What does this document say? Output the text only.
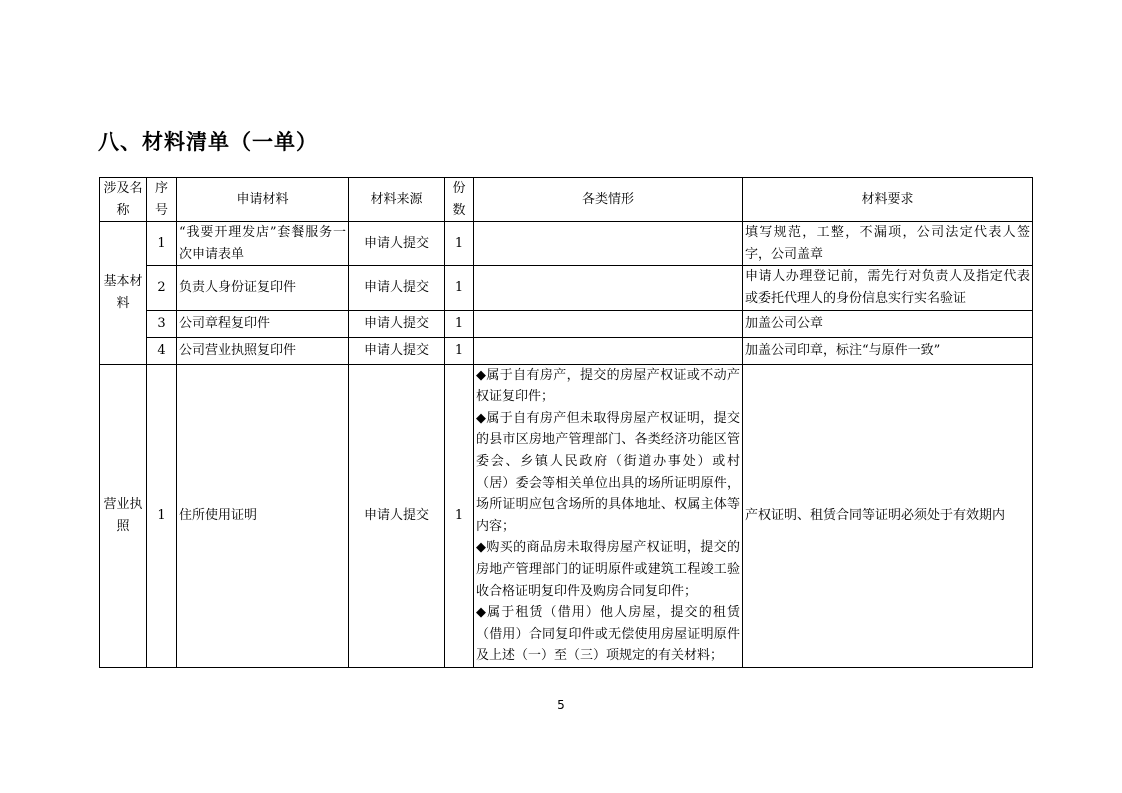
八、材料清单（一单）
涉及名称	序号	申请材料	材料来源	份数	各类情形	材料要求
基本材料	1	“我要开理发店”套餐服务一次申请表单	申请人提交	1		填写规范，工整，不漏项，公司法定代表人签字，公司盖章
	2	负责人身份证复印件	申请人提交	1		申请人办理登记前，需先行对负责人及指定代表或委托代理人的身份信息实行实名验证
	3	公司章程复印件	申请人提交	1		加盖公司公章
	4	公司营业执照复印件	申请人提交	1		加盖公司印章，标注“与原件一致”
营业执照	1	住所使用证明	申请人提交	1	◆属于自有房产，提交的房屋产权证或不动产权证复印件；
◆属于自有房产但未取得房屋产权证明，提交的县市区房地产管理部门、各类经济功能区管委会、乡镇人民政府（街道办事处）或村（居）委会等相关单位出具的场所证明原件，场所证明应包含场所的具体地址、权属主体等内容；
◆购买的商品房未取得房屋产权证明，提交的房地产管理部门的证明原件或建筑工程竣工验收合格证明复印件及购房合同复印件；
◆属于租赁（借用）他人房屋，提交的租赁（借用）合同复印件或无偿使用房屋证明原件及上述（一）至（三）项规定的有关材料；	产权证明、租赁合同等证明必须处于有效期内
5
